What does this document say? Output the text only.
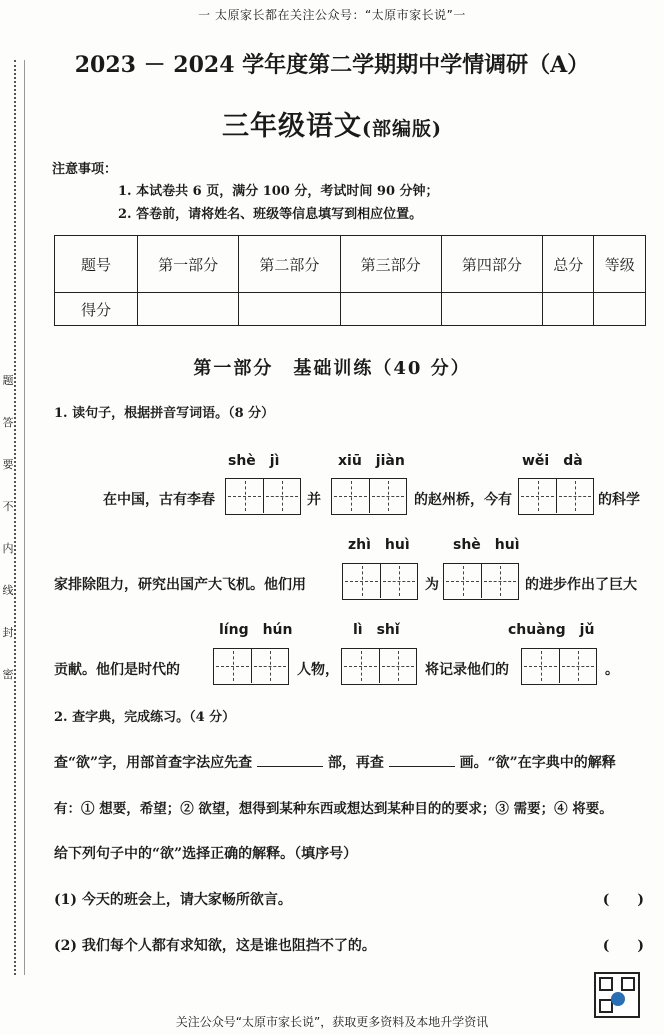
一 太原家长都在关注公众号：“太原市家长说”一
题
答
要
不
内
线
封
密
2023 － 2024 学年度第二学期期中学情调研（A）
三年级语文(部编版)
注意事项：
1. 本试卷共 6 页，满分 100 分，考试时间 90 分钟；
2. 答卷前，请将姓名、班级等信息填写到相应位置。
题号	第一部分	第二部分	第三部分	第四部分	总分	等级
得分						
第一部分　基础训练（40 分）
1. 读句子，根据拼音写词语。（8 分）
shè　jì	xiū　jiàn	wěi　dà
在中国，古有李春	并	的赵州桥，今有	的科学
zhì　huì	shè　huì
家排除阻力，研究出国产大飞机。他们用	为	的进步作出了巨大
líng　hún	lì　shǐ	chuàng　jǔ
贡献。他们是时代的	人物，	将记录他们的	。
2. 查字典，完成练习。（4 分）
查“欲”字，用部首查字法应先查	部，再查	画。“欲”在字典中的解释
有：① 想要，希望；② 欲望，想得到某种东西或想达到某种目的的要求；③ 需要；④ 将要。
给下列句子中的“欲”选择正确的解释。（填序号）
(1) 今天的班会上，请大家畅所欲言。	(　　)
(2) 我们每个人都有求知欲，这是谁也阻挡不了的。	(　　)
关注公众号“太原市家长说”，获取更多资料及本地升学资讯
